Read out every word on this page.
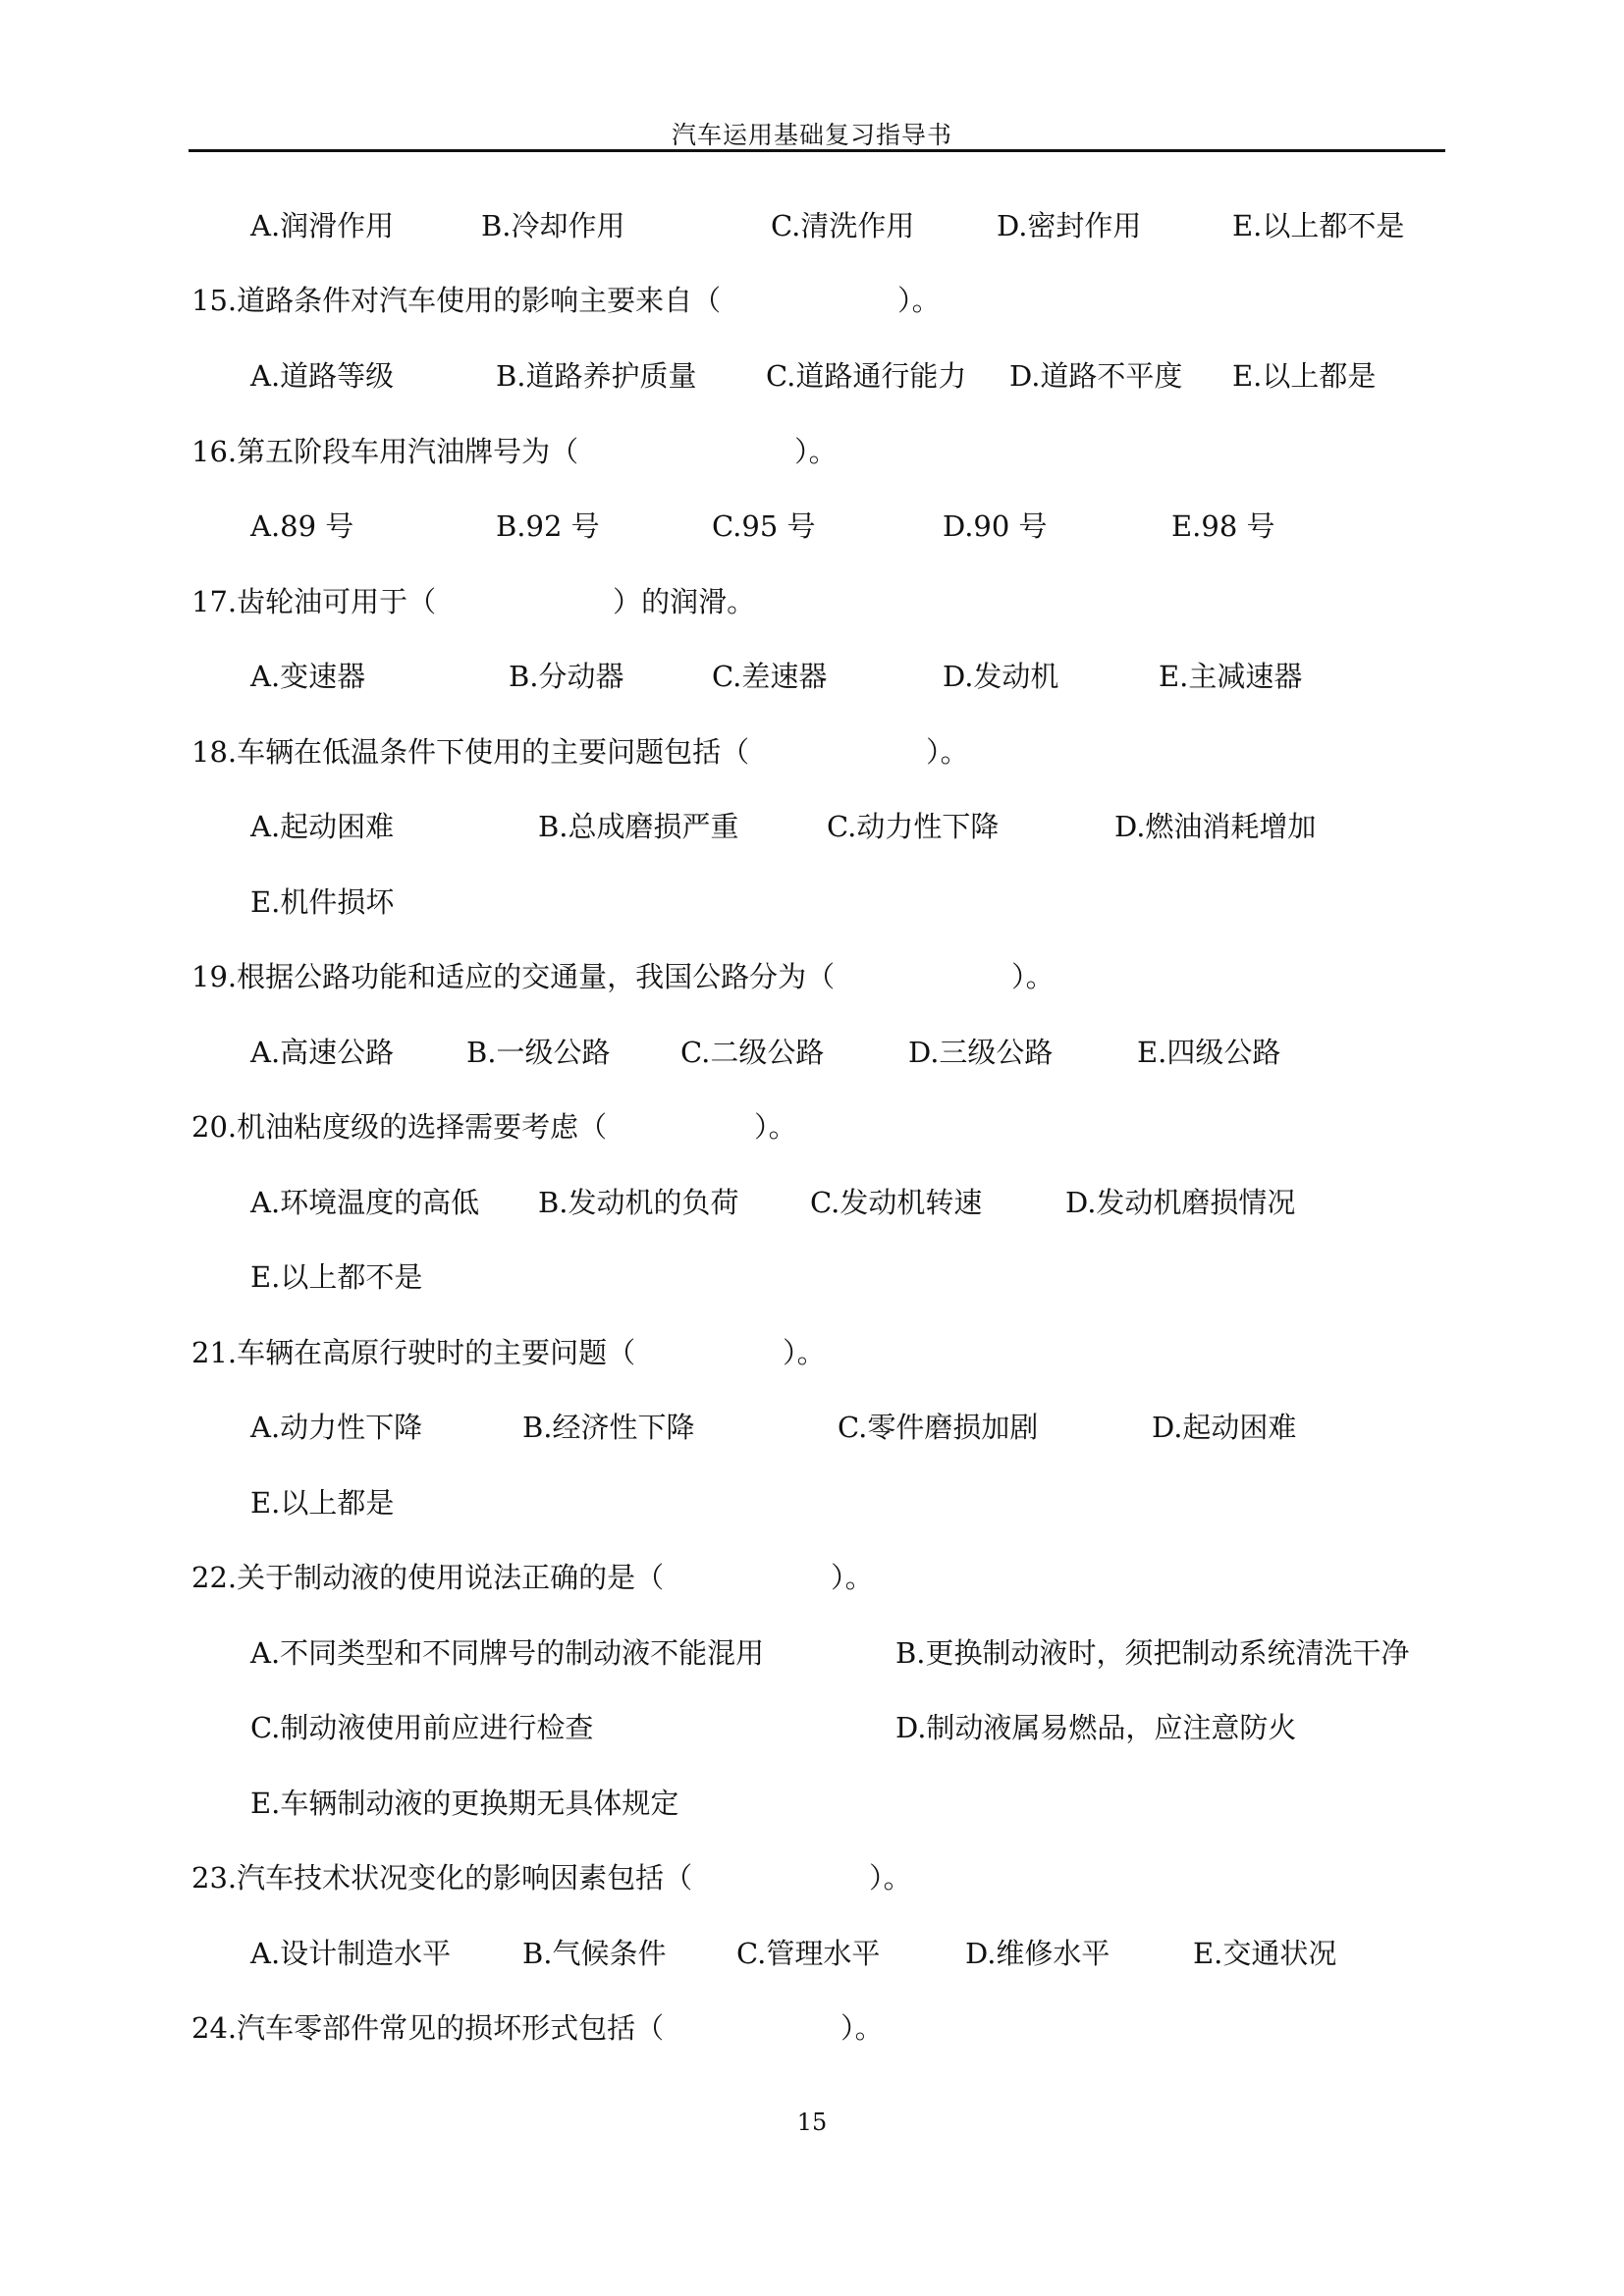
汽车运用基础复习指导书
A.润滑作用	B.冷却作用	C.清洗作用	D.密封作用	E.以上都不是
15.道路条件对汽车使用的影响主要来自（	）。
A.道路等级	B.道路养护质量 C.道路通行能力 D.道路不平度 E.以上都是
16.第五阶段车用汽油牌号为（	）。
A.89 号	B.92 号	C.95 号	D.90 号	E.98 号
17.齿轮油可用于（	）的润滑。
A.变速器	B.分动器	C.差速器	D.发动机	E.主减速器
18.车辆在低温条件下使用的主要问题包括（	）。
A.起动困难	B.总成磨损严重	C.动力性下降	D.燃油消耗增加
E.机件损坏
19.根据公路功能和适应的交通量，我国公路分为（	）。
A.高速公路	B.一级公路 C.二级公路	D.三级公路	E.四级公路
20.机油粘度级的选择需要考虑（	）。
A.环境温度的高低 B.发动机的负荷 C.发动机转速	D.发动机磨损情况
E.以上都不是
21.车辆在高原行驶时的主要问题（	）。
A.动力性下降	B.经济性下降	C.零件磨损加剧	D.起动困难
E.以上都是
22.关于制动液的使用说法正确的是（	）。
A.不同类型和不同牌号的制动液不能混用	B.更换制动液时，须把制动系统清洗干净
C.制动液使用前应进行检查	D.制动液属易燃品，应注意防火
E.车辆制动液的更换期无具体规定
23.汽车技术状况变化的影响因素包括（	）。
A.设计制造水平	B.气候条件 C.管理水平	D.维修水平	E.交通状况
24.汽车零部件常见的损坏形式包括（	）。
15
